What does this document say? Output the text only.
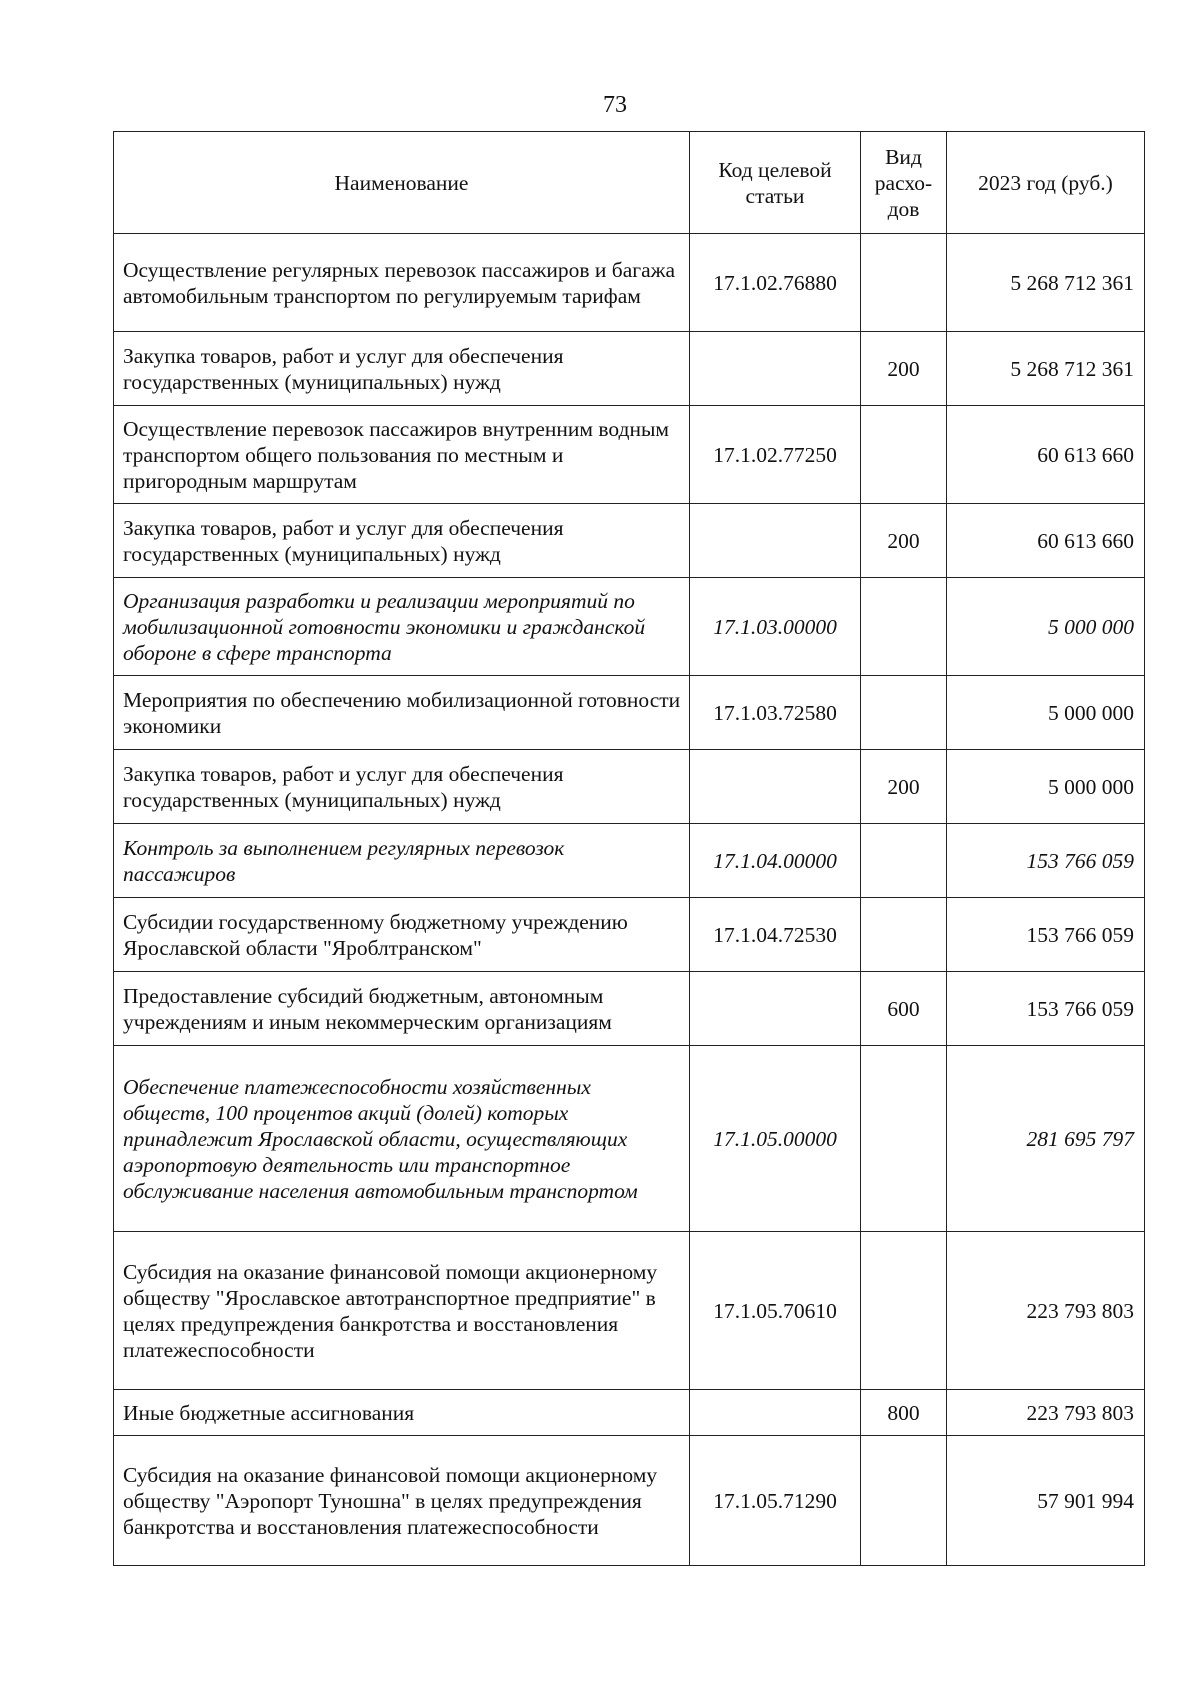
73
Наименование	Код целевой статьи	Вид расхо-дов	2023 год (руб.)
Осуществление регулярных перевозок пассажиров и багажа автомобильным транспортом по регулируемым тарифам	17.1.02.76880		5 268 712 361
Закупка товаров, работ и услуг для обеспечения государственных (муниципальных) нужд		200	5 268 712 361
Осуществление перевозок пассажиров внутренним водным транспортом общего пользования по местным и пригородным маршрутам	17.1.02.77250		60 613 660
Закупка товаров, работ и услуг для обеспечения государственных (муниципальных) нужд		200	60 613 660
Организация разработки и реализации мероприятий по мобилизационной готовности экономики и гражданской обороне в сфере транспорта	17.1.03.00000		5 000 000
Мероприятия по обеспечению мобилизационной готовности экономики	17.1.03.72580		5 000 000
Закупка товаров, работ и услуг для обеспечения государственных (муниципальных) нужд		200	5 000 000
Контроль за выполнением регулярных перевозок пассажиров	17.1.04.00000		153 766 059
Субсидии государственному бюджетному учреждению Ярославской области "Яроблтранском"	17.1.04.72530		153 766 059
Предоставление субсидий бюджетным, автономным учреждениям и иным некоммерческим организациям		600	153 766 059
Обеспечение платежеспособности хозяйственных обществ, 100 процентов акций (долей) которых принадлежит Ярославской области, осуществляющих аэропортовую деятельность или транспортное обслуживание населения автомобильным транспортом	17.1.05.00000		281 695 797
Субсидия на оказание финансовой помощи акционерному обществу "Ярославское автотранспортное предприятие" в целях предупреждения банкротства и восстановления платежеспособности	17.1.05.70610		223 793 803
Иные бюджетные ассигнования		800	223 793 803
Субсидия на оказание финансовой помощи акционерному обществу "Аэропорт Туношна" в целях предупреждения банкротства и восстановления платежеспособности	17.1.05.71290		57 901 994
